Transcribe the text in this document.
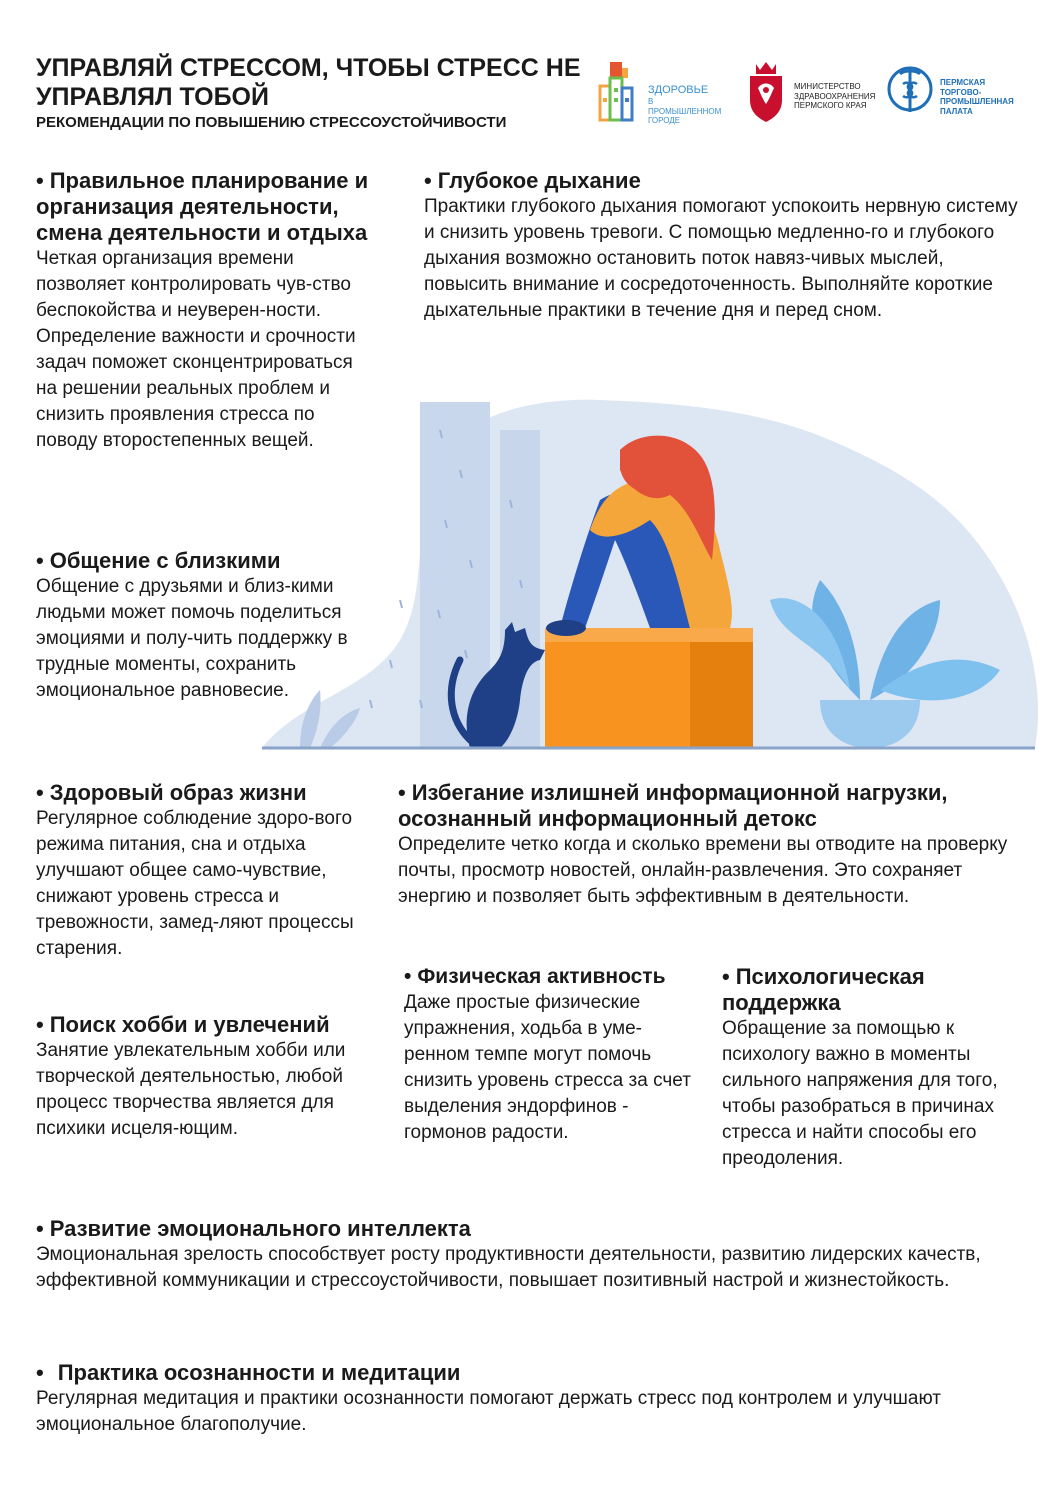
УПРАВЛЯЙ СТРЕССОМ, ЧТОБЫ СТРЕСС НЕ УПРАВЛЯЛ ТОБОЙ
РЕКОМЕНДАЦИИ ПО ПОВЫШЕНИЮ СТРЕССОУСТОЙЧИВОСТИ
ЗДОРОВЬЕ
В ПРОМЫШЛЕННОМ
ГОРОДЕ
МИНИСТЕРСТВО
ЗДРАВООХРАНЕНИЯ
ПЕРМСКОГО КРАЯ
ПЕРМСКАЯ
ТОРГОВО-ПРОМЫШЛЕННАЯ
ПАЛАТА
• Правильное планирование и организация деятельности, смена деятельности и отдыха

Четкая организация времени позволяет контролировать чув-ство беспокойства и неуверен-ности. Определение важности и срочности задач поможет сконцентрироваться на решении реальных проблем и снизить проявления стресса по поводу второстепенных вещей.

• Глубокое дыхание

Практики глубокого дыхания помогают успокоить нервную систему и снизить уровень тревоги. С помощью медленно-го и глубокого дыхания возможно остановить поток навяз-чивых мыслей, повысить внимание и сосредоточенность. Выполняйте короткие дыхательные практики в течение дня и перед сном.

• Общение с близкими

Общение с друзьями и близ-кими людьми может помочь поделиться эмоциями и полу-чить поддержку в трудные моменты, сохранить эмоциональное равновесие.

• Здоровый образ жизни

Регулярное соблюдение здоро-вого режима питания, сна и отдыха улучшают общее само-чувствие, снижают уровень стресса и тревожности, замед-ляют процессы старения.

• Избегание излишней информационной нагрузки, осознанный информационный детокс

Определите четко когда и сколько времени вы отводите на проверку почты, просмотр новостей, онлайн-развлечения. Это сохраняет энергию и позволяет быть эффективным в деятельности.

• Поиск хобби и увлечений

Занятие увлекательным хобби или творческой деятельностью, любой процесс творчества является для психики исцеля-ющим.

• Физическая активность

Даже простые физические упражнения, ходьба в уме-ренном темпе могут помочь снизить уровень стресса за счет выделения эндорфинов - гормонов радости.

• Психологическая поддержка

Обращение за помощью к психологу важно в моменты сильного напряжения для того, чтобы разобраться в причинах стресса и найти способы его преодоления.

• Развитие эмоционального интеллекта

Эмоциональная зрелость способствует росту продуктивности деятельности, развитию лидерских качеств, эффективной коммуникации и стрессоустойчивости, повышает позитивный настрой и жизнестойкость.

• Практика осознанности и медитации

Регулярная медитация и практики осознанности помогают держать стресс под контролем и улучшают эмоциональное благополучие.
